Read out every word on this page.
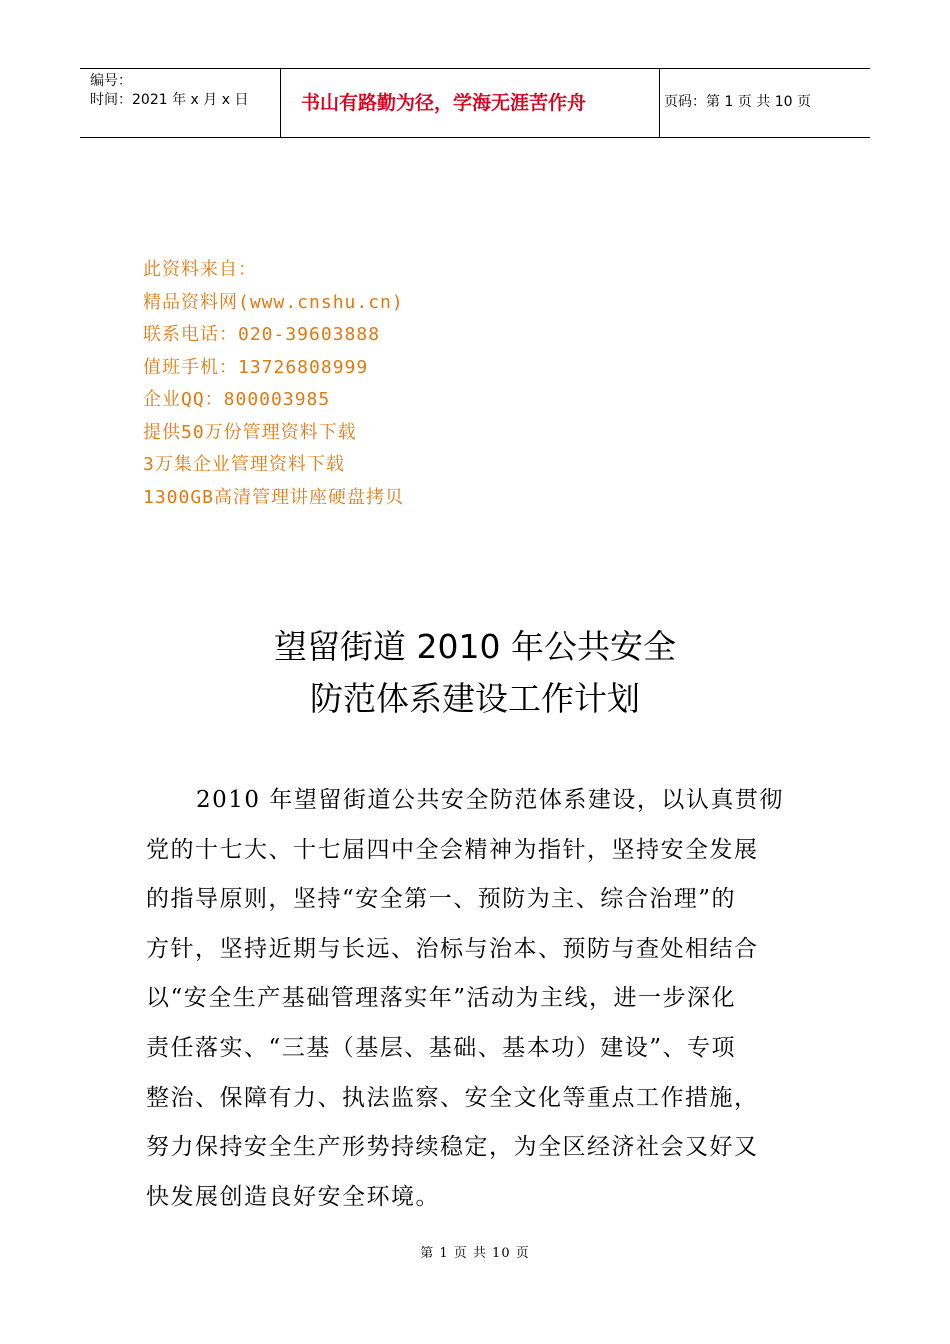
编号：
时间：2021 年 x 月 x 日	书山有路勤为径，学海无涯苦作舟	页码：第 1 页 共 10 页
此资料来自：
精品资料网(www.cnshu.cn)
联系电话：020-39603888
值班手机：13726808999
企业QQ：800003985
提供50万份管理资料下载
3万集企业管理资料下载
1300GB高清管理讲座硬盘拷贝
望留街道 2010 年公共安全
防范体系建设工作计划
2010 年望留街道公共安全防范体系建设，以认真贯彻
党的十七大、十七届四中全会精神为指针，坚持安全发展
的指导原则，坚持“安全第一、预防为主、综合治理”的
方针，坚持近期与长远、治标与治本、预防与查处相结合
以“安全生产基础管理落实年”活动为主线，进一步深化
责任落实、“三基（基层、基础、基本功）建设”、专项
整治、保障有力、执法监察、安全文化等重点工作措施，
努力保持安全生产形势持续稳定，为全区经济社会又好又
快发展创造良好安全环境。
第 1 页 共 10 页
